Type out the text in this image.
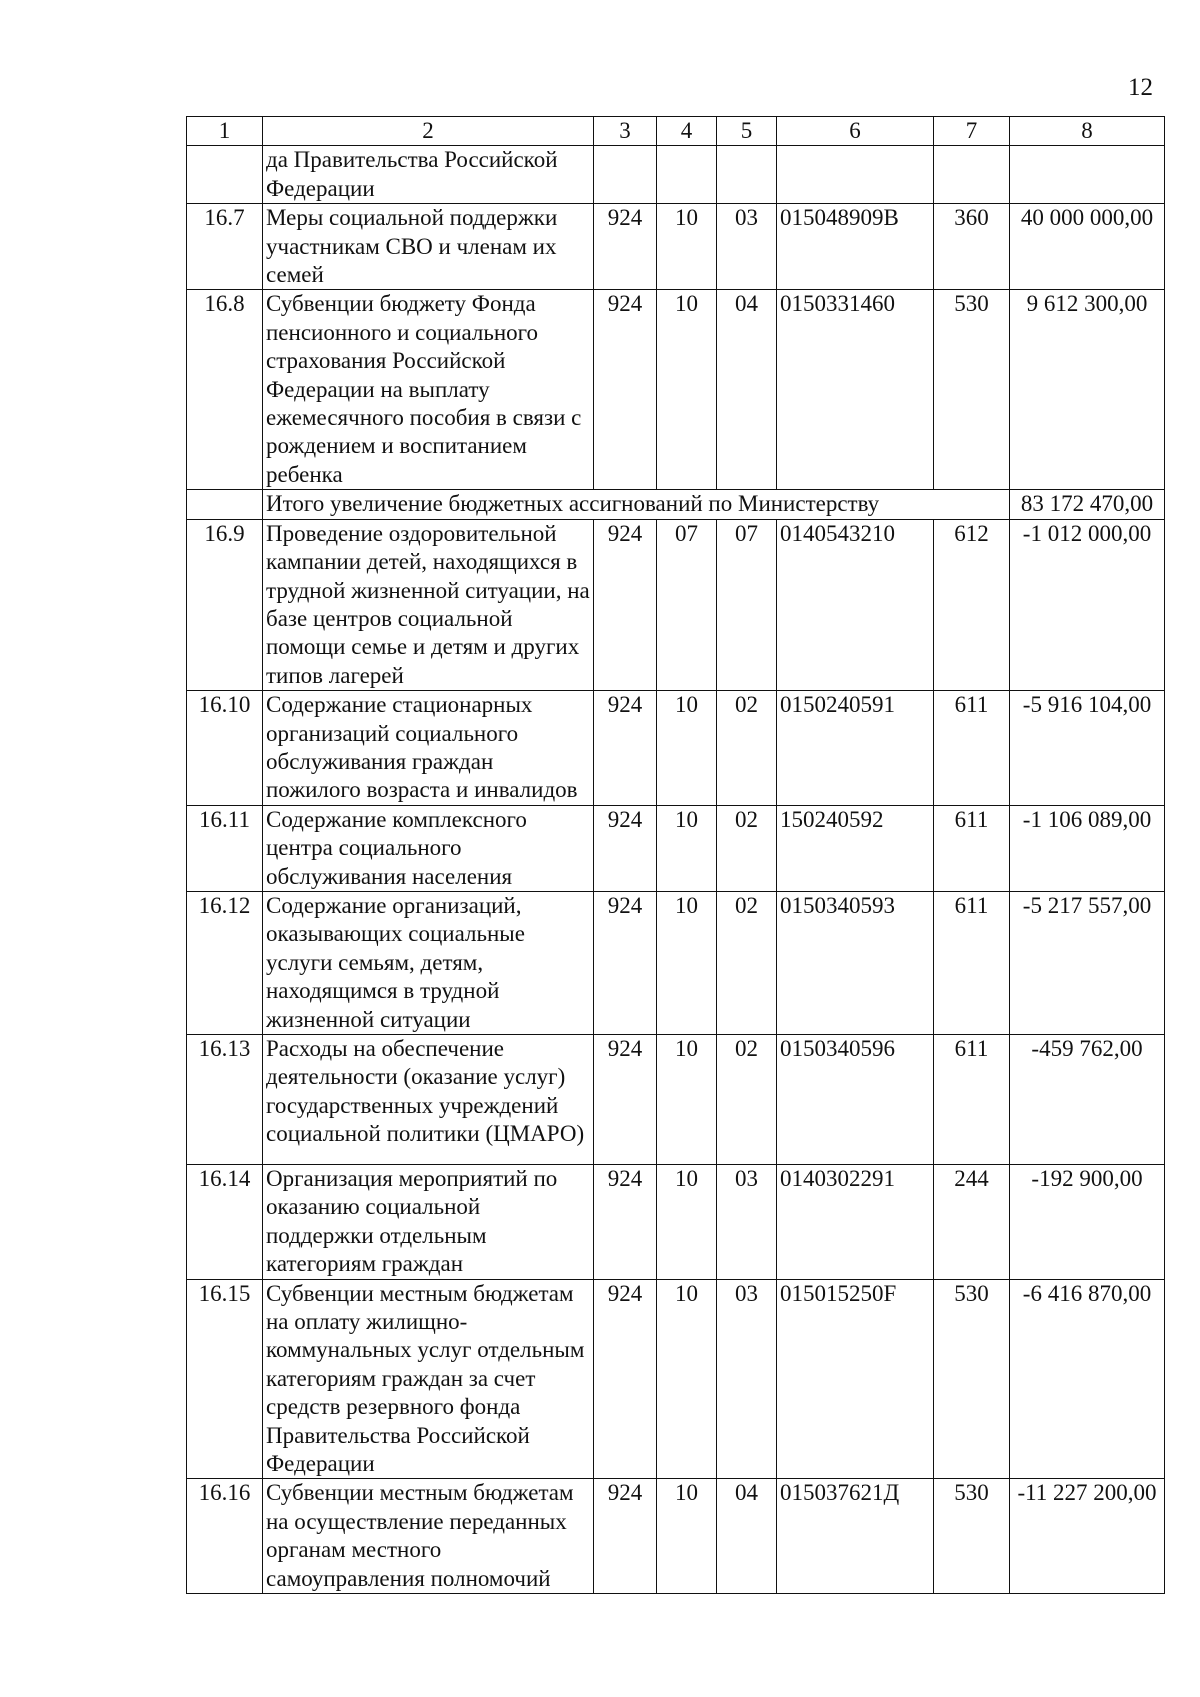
12
1	2	3	4	5	6	7	8
	да Правительства Российской Федерации						
16.7	Меры социальной поддержки участникам СВО и членам их семей	924	10	03	015048909В	360	40 000 000,00
16.8	Субвенции бюджету Фонда пенсионного и социального страхования Российской Федерации на выплату ежемесячного пособия в связи с рождением и воспитанием ребенка	924	10	04	0150331460	530	9 612 300,00
	Итого увеличение бюджетных ассигнований по Министерству						83 172 470,00
16.9	Проведение оздоровительной кампании детей, находящихся в трудной жизненной ситуации, на базе центров социальной помощи семье и детям и других типов лагерей	924	07	07	0140543210	612	-1 012 000,00
16.10	Содержание стационарных организаций социального обслуживания граждан пожилого возраста и инвалидов	924	10	02	0150240591	611	-5 916 104,00
16.11	Содержание комплексного центра социального обслуживания населения	924	10	02	150240592	611	-1 106 089,00
16.12	Содержание организаций, оказывающих социальные услуги семьям, детям, находящимся в трудной жизненной ситуации	924	10	02	0150340593	611	-5 217 557,00
16.13	Расходы на обеспечение деятельности (оказание услуг) государственных учреждений социальной политики (ЦМАРО)	924	10	02	0150340596	611	-459 762,00
16.14	Организация мероприятий по оказанию социальной поддержки отдельным категориям граждан	924	10	03	0140302291	244	-192 900,00
16.15	Субвенции местным бюджетам на оплату жилищно-коммунальных услуг отдельным категориям граждан за счет средств резервного фонда Правительства Российской Федерации	924	10	03	015015250F	530	-6 416 870,00
16.16	Субвенции местным бюджетам на осуществление переданных органам местного самоуправления полномочий	924	10	04	015037621Д	530	-11 227 200,00
